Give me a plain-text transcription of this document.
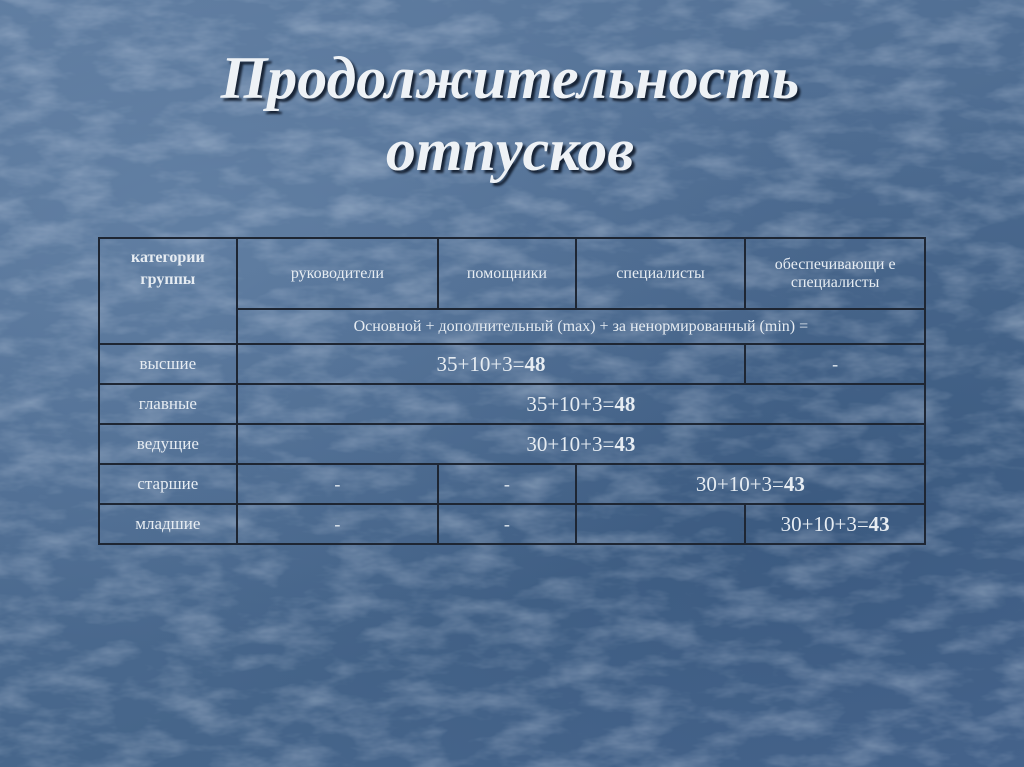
Продолжительность
отпусков
категории группы	руководители	помощники	специалисты	обеспечивающи е специалисты
	Основной + дополнительный (max) + за ненормированный (min) =			
высшие	35+10+3=48			-
главные	35+10+3=48			
ведущие	30+10+3=43			
старшие	-	-	30+10+3=43	
младшие	-	-		30+10+3=43
